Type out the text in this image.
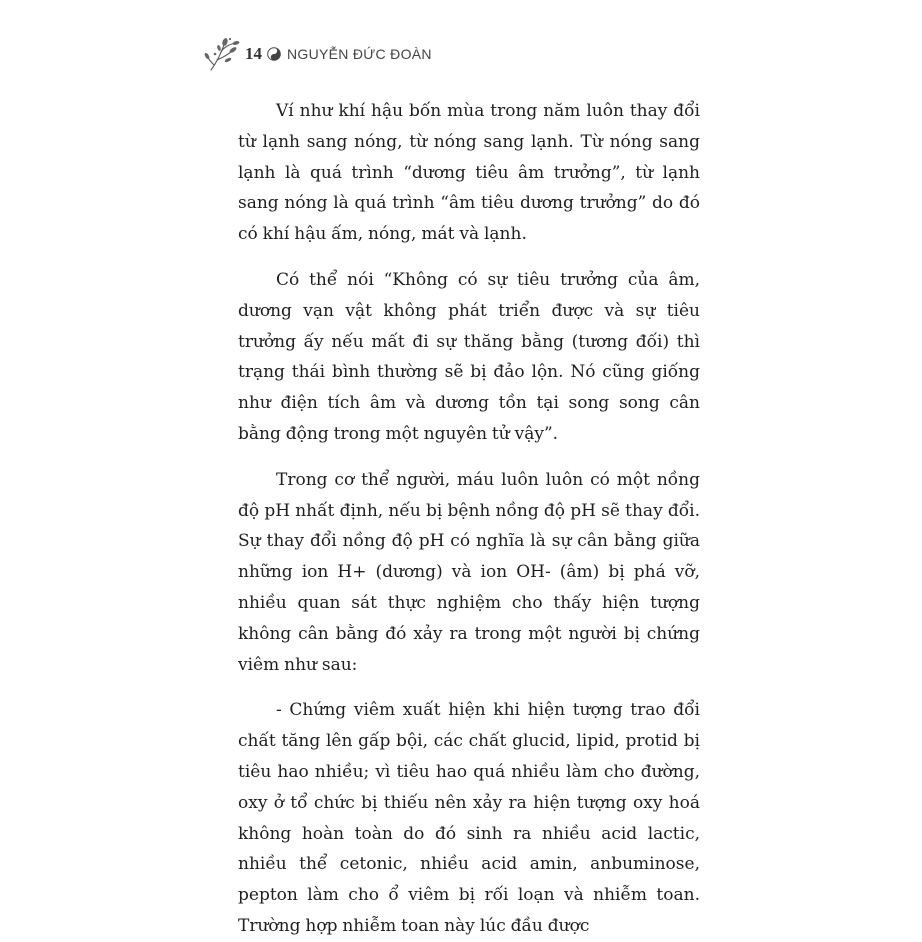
14 NGUYỄN ĐỨC ĐOÀN

Ví như khí hậu bốn mùa trong năm luôn thay đổi từ lạnh sang nóng, từ nóng sang lạnh. Từ nóng sang lạnh là quá trình “dương tiêu âm trưởng”, từ lạnh sang nóng là quá trình “âm tiêu dương trưởng” do đó có khí hậu ấm, nóng, mát và lạnh.

Có thể nói “Không có sự tiêu trưởng của âm, dương vạn vật không phát triển được và sự tiêu trưởng ấy nếu mất đi sự thăng bằng (tương đối) thì trạng thái bình thường sẽ bị đảo lộn. Nó cũng giống như điện tích âm và dương tồn tại song song cân bằng động trong một nguyên tử vậy”.

Trong cơ thể người, máu luôn luôn có một nồng độ pH nhất định, nếu bị bệnh nồng độ pH sẽ thay đổi. Sự thay đổi nồng độ pH có nghĩa là sự cân bằng giữa những ion H+ (dương) và ion OH- (âm) bị phá vỡ, nhiều quan sát thực nghiệm cho thấy hiện tượng không cân bằng đó xảy ra trong một người bị chứng viêm như sau:

- Chứng viêm xuất hiện khi hiện tượng trao đổi chất tăng lên gấp bội, các chất glucid, lipid, protid bị tiêu hao nhiều; vì tiêu hao quá nhiều làm cho đường, oxy ở tổ chức bị thiếu nên xảy ra hiện tượng oxy hoá không hoàn toàn do đó sinh ra nhiều acid lactic, nhiều thể cetonic, nhiều acid amin, anbuminose, pepton làm cho ổ viêm bị rối loạn và nhiễm toan. Trường hợp nhiễm toan này lúc đầu được
